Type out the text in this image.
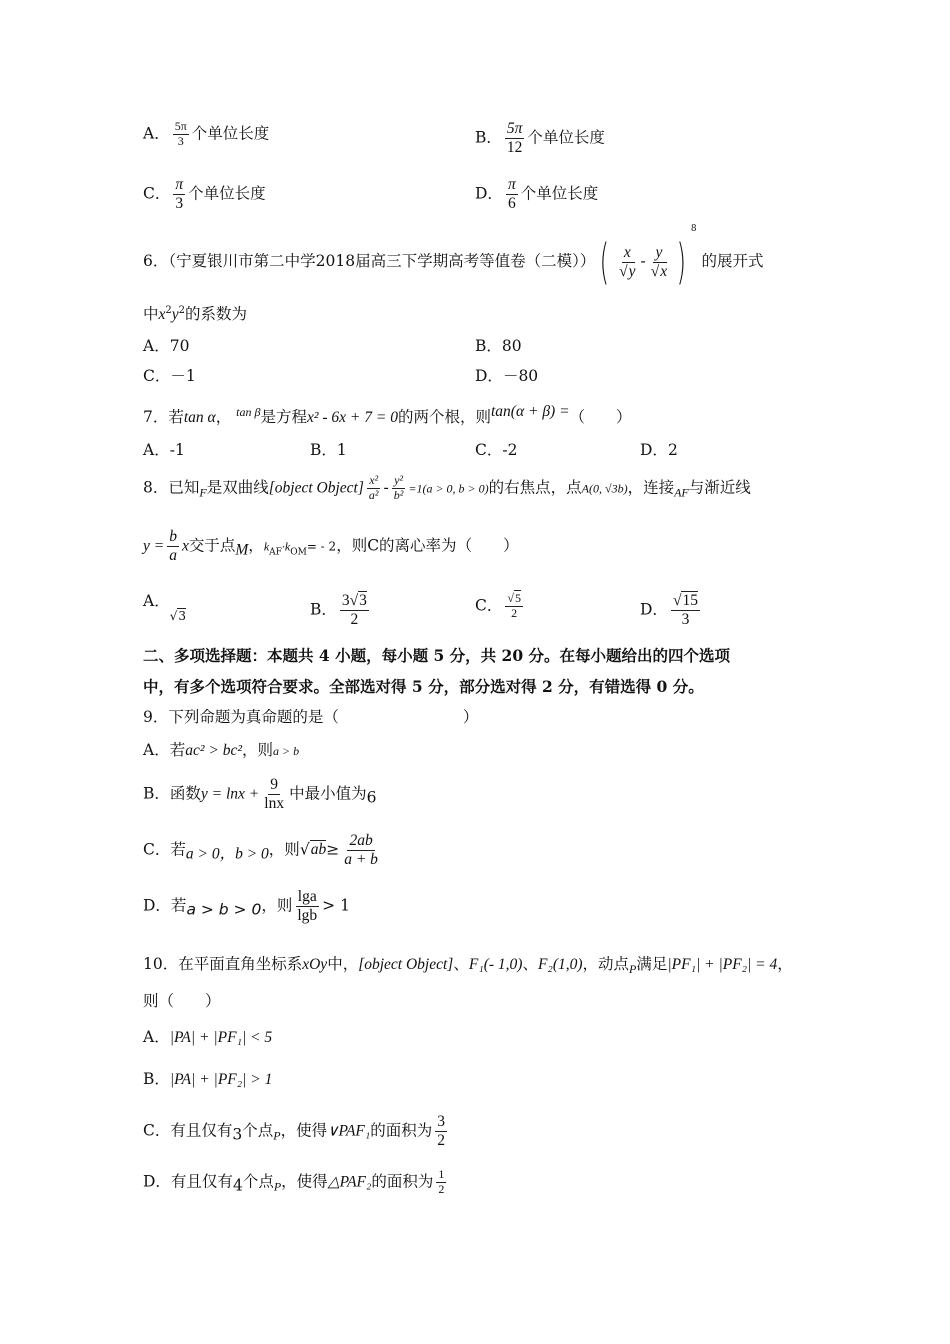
A． $\frac{5\pi}{3}$ 个单位长度	B． $\frac{5\pi}{12}$ 个单位长度
C． $\frac{\pi}{3}$ 个单位长度	D． $\frac{\pi}{6}$ 个单位长度
6．（宁夏银川市第二中学2018届高三下学期高考等值卷（二模））( $\frac{x}{√y} - \frac{y}{√x} )^8$ 的展开式
中$x^2y^2$的系数为
A．70	B．80
C．－1	D．－80
7．若tan α， $^{tan \beta}$是方程x² - 6x + 7 = 0的两个根，则tan(α + β) =（　　）
A．-1	B．1	C．-2	D．2
8．已知$_F$是双曲线[object Object] $\frac{\text{x²}}{\text{a²}} - \frac{\text{y²}}{\text{b²}} =1(a > 0$, b > 0)的右焦点，点A(0, √3b)，连接$_{AF}$与渐近线
$y = \frac{b}{a}$ x交于点M，$k_{AF}\cdot k_{OM}= - 2$，则C的离心率为（　　）
A．$_{√3}$	B． $\frac{3√3}{2}$	C． $\frac{√5}{2}$	D． $\frac{√15}{3}$
二、多项选择题：本题共 4 小题，每小题 5 分，共 20 分。在每小题给出的四个选项
中，有多个选项符合要求。全部选对得 5 分，部分选对得 2 分，有错选得 0 分。
9．下列命题为真命题的是（　　　　　　　　）
A．若ac² > bc²，则a > b
B．函数$y = \ln x + \frac{9}{\ln x}$ 中最小值为6
C．若a > 0，b > 0，则$√ab\ge \frac{2ab}{a + b}$
D．若a > b > 0，则 $\frac{\lg a}{\lg b} > 1$
10．在平面直角坐标系xOy中，[object Object]、F₁(- 1,0)、F₂(1,0)，动点$_P$满足|PF₁| + |PF₂| = 4，
则（　　）
A．|PA| + |PF₁| < 5
B．|PA| + |PF₂| > 1
C．有且仅有3个点$_P$，使得∨PAF₁的面积为 $\frac{3}{2}$
D．有且仅有4个点$_P$，使得△PAF₂的面积为 $\frac{1}{2}$
